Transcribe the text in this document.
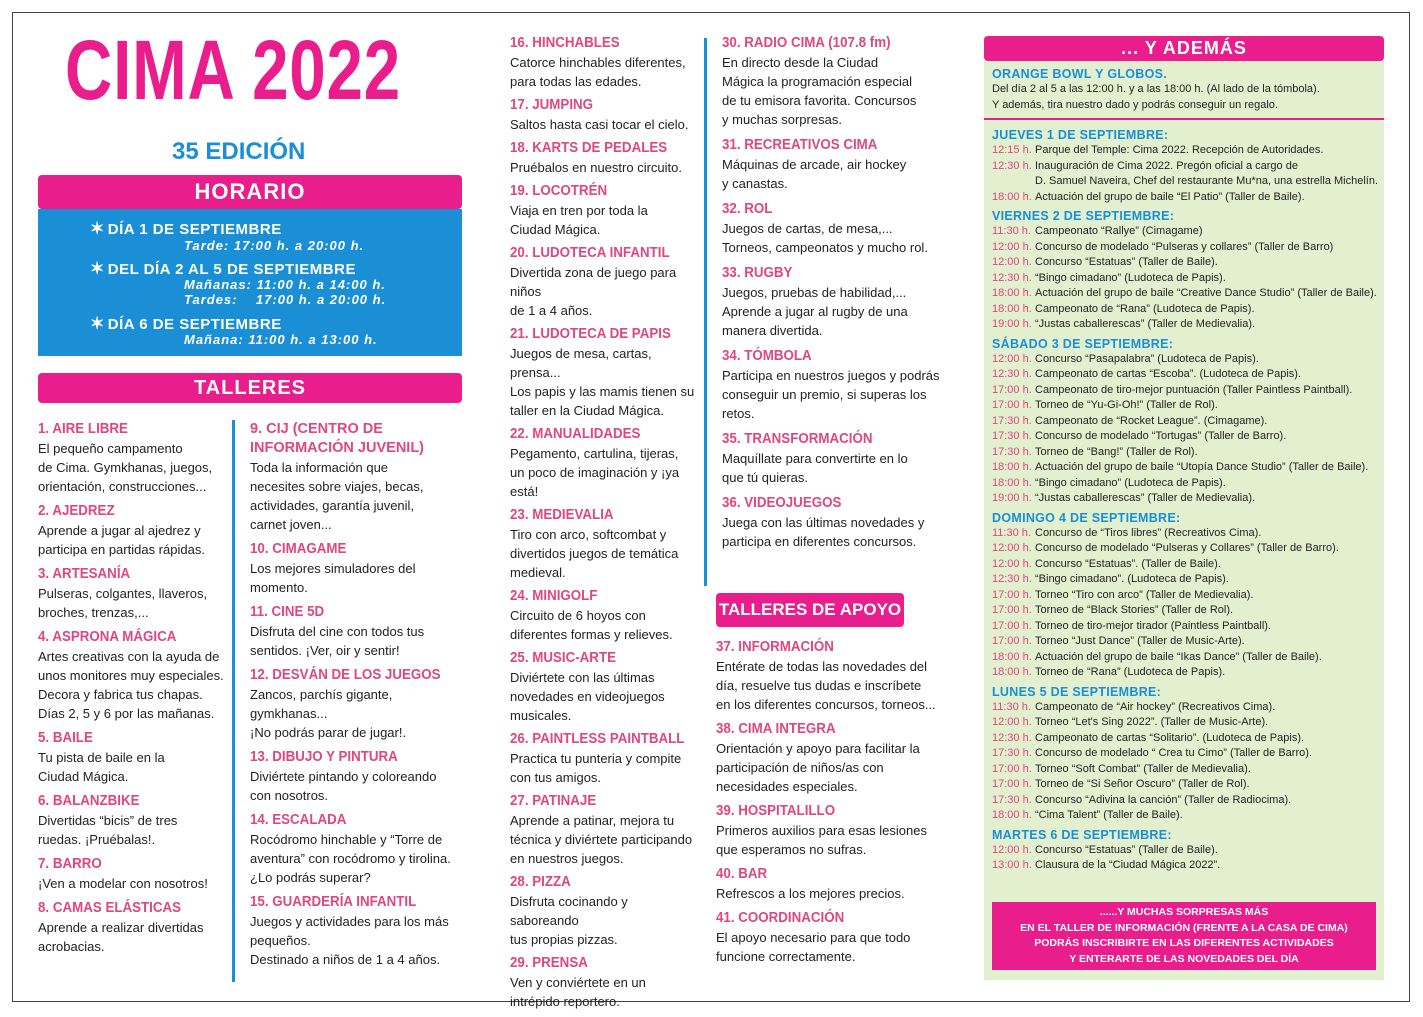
CIMA 2022
35 EDICIÓN
HORARIO
✶ DÍA 1 DE SEPTIEMBRE
Tarde: 17:00 h. a 20:00 h.
✶ DEL DÍA 2 AL 5 DE SEPTIEMBRE
Mañanas: 11:00 h. a 14:00 h.
Tardes:    17:00 h. a 20:00 h.
✶ DÍA 6 DE SEPTIEMBRE
Mañana: 11:00 h. a 13:00 h.
TALLERES
1. AIRE LIBRE
El pequeño campamento
de Cima. Gymkhanas, juegos,
orientación, construcciones...
2. AJEDREZ
Aprende a jugar al ajedrez y
participa en partidas rápidas.
3. ARTESANÍA
Pulseras, colgantes, llaveros,
broches, trenzas,...
4. ASPRONA MÁGICA
Artes creativas con la ayuda de
unos monitores muy especiales.
Decora y fabrica tus chapas.
Días 2, 5 y 6 por las mañanas.
5. BAILE
Tu pista de baile en la
Ciudad Mágica.
6. BALANZBIKE
Divertidas “bicis” de tres
ruedas. ¡Pruébalas!.
7. BARRO
¡Ven a modelar con nosotros!
8. CAMAS ELÁSTICAS
Aprende a realizar divertidas
acrobacias.
9. CIJ (CENTRO DE INFORMACIÓN JUVENIL)
Toda la información que
necesites sobre viajes, becas,
actividades, garantía juvenil,
carnet joven...
10. CIMAGAME
Los mejores simuladores del
momento.
11. CINE 5D
Disfruta del cine con todos tus
sentidos. ¡Ver, oir y sentir!
12. DESVÁN DE LOS JUEGOS
Zancos, parchís gigante, gymkhanas...
¡No podrás parar de jugar!.
13. DIBUJO Y PINTURA
Diviértete pintando y coloreando
con nosotros.
14. ESCALADA
Rocódromo hinchable y “Torre de
aventura” con rocódromo y tirolina.
¿Lo podrás superar?
15. GUARDERÍA INFANTIL
Juegos y actividades para los más
pequeños.
Destinado a niños de 1 a 4 años.
16. HINCHABLES
Catorce hinchables diferentes,
para todas las edades.
17. JUMPING
Saltos hasta casi tocar el cielo.
18. KARTS DE PEDALES
Pruébalos en nuestro circuito.
19. LOCOTRÉN
Viaja en tren por toda la
Ciudad Mágica.
20. LUDOTECA INFANTIL
Divertida zona de juego para niños
de 1 a 4 años.
21. LUDOTECA DE PAPIS
Juegos de mesa, cartas, prensa...
Los papis y las mamis tienen su
taller en la Ciudad Mágica.
22. MANUALIDADES
Pegamento, cartulina, tijeras,
un poco de imaginación y ¡ya está!
23. MEDIEVALIA
Tiro con arco, softcombat y
divertidos juegos de temática
medieval.
24. MINIGOLF
Circuito de 6 hoyos con
diferentes formas y relieves.
25. MUSIC-ARTE
Diviértete con las últimas
novedades en videojuegos
musicales.
26. PAINTLESS PAINTBALL
Practica tu punteria y compite
con tus amigos.
27. PATINAJE
Aprende a patinar, mejora tu
técnica y diviértete participando
en nuestros juegos.
28. PIZZA
Disfruta cocinando y saboreando
tus propias pizzas.
29. PRENSA
Ven y conviértete en un
intrépido reportero.
30. RADIO CIMA (107.8 fm)
En directo desde la Ciudad
Mágica la programación especial
de tu emisora favorita. Concursos
y muchas sorpresas.
31. RECREATIVOS CIMA
Máquinas de arcade, air hockey
y canastas.
32. ROL
Juegos de cartas, de mesa,...
Torneos, campeonatos y mucho rol.
33. RUGBY
Juegos, pruebas de habilidad,...
Aprende a jugar al rugby de una
manera divertida.
34. TÓMBOLA
Participa en nuestros juegos y podrás
conseguir un premio, si superas los retos.
35. TRANSFORMACIÓN
Maquíllate para convertirte en lo
que tú quieras.
36. VIDEOJUEGOS
Juega con las últimas novedades y
participa en diferentes concursos.
TALLERES DE APOYO
37. INFORMACIÓN
Entérate de todas las novedades del
día, resuelve tus dudas e inscríbete
en los diferentes concursos, torneos...
38. CIMA INTEGRA
Orientación y apoyo para facilitar la
participación de niños/as con
necesidades especiales.
39. HOSPITALILLO
Primeros auxilios para esas lesiones
que esperamos no sufras.
40. BAR
Refrescos a los mejores precios.
41. COORDINACIÓN
El apoyo necesario para que todo
funcione correctamente.
... Y ADEMÁS
ORANGE BOWL Y GLOBOS.
Del día 2 al 5 a las 12:00 h. y a las 18:00 h. (Al lado de la tómbola).
Y además, tira nuestro dado y podrás conseguir un regalo.
JUEVES 1 DE SEPTIEMBRE:
12:15 h. Parque del Temple: Cima 2022. Recepción de Autoridades.
12:30 h. Inauguración de Cima 2022. Pregón oficial a cargo de
D. Samuel Naveira, Chef del restaurante Mu*na, una estrella Michelín.
18:00 h. Actuación del grupo de baile “El Patio” (Taller de Baile).
VIERNES 2 DE SEPTIEMBRE:
11:30 h. Campeonato “Rallye” (Cimagame)
12:00 h. Concurso de modelado “Pulseras y collares” (Taller de Barro)
12:00 h. Concurso “Estatuas” (Taller de Baile).
12:30 h. “Bingo cimadano” (Ludoteca de Papis).
18:00 h. Actuación del grupo de baile “Creative Dance Studio” (Taller de Baile).
18:00 h. Campeonato de “Rana” (Ludoteca de Papis).
19:00 h. “Justas caballerescas” (Taller de Medievalia).
SÁBADO 3 DE SEPTIEMBRE:
12:00 h. Concurso “Pasapalabra” (Ludoteca de Papis).
12:30 h. Campeonato de cartas “Escoba”. (Ludoteca de Papis).
17:00 h. Campeonato de tiro-mejor puntuación (Taller Paintless Paintball).
17:00 h. Torneo de “Yu-Gi-Oh!” (Taller de Rol).
17:30 h. Campeonato de “Rocket League”. (Cimagame).
17:30 h. Concurso de modelado “Tortugas” (Taller de Barro).
17:30 h. Torneo de “Bang!” (Taller de Rol).
18:00 h. Actuación del grupo de baile “Utopía Dance Studio” (Taller de Baile).
18:00 h. “Bingo cimadano” (Ludoteca de Papis).
19:00 h. “Justas caballerescas” (Taller de Medievalia).
DOMINGO 4 DE SEPTIEMBRE:
11:30 h. Concurso de “Tiros libres” (Recreativos Cima).
12:00 h. Concurso de modelado “Pulseras y Collares” (Taller de Barro).
12:00 h. Concurso “Estatuas”. (Taller de Baile).
12:30 h. “Bingo cimadano”. (Ludoteca de Papis).
17:00 h. Torneo “Tiro con arco” (Taller de Medievalia).
17:00 h. Torneo de “Black Stories” (Taller de Rol).
17:00 h. Torneo de tiro-mejor tirador (Paintless Paintball).
17:00 h. Torneo “Just Dance” (Taller de Music-Arte).
18:00 h. Actuación del grupo de baile “Ikas Dance” (Taller de Baile).
18:00 h. Torneo de “Rana” (Ludoteca de Papis).
LUNES 5 DE SEPTIEMBRE:
11:30 h. Campeonato de “Air hockey” (Recreativos Cima).
12:00 h. Torneo “Let's Sing 2022”. (Taller de Music-Arte).
12:30 h. Campeonato de cartas “Solitario”. (Ludoteca de Papis).
17:30 h. Concurso de modelado “ Crea tu Cimo” (Taller de Barro).
17:00 h. Torneo “Soft Combat” (Taller de Medievalia).
17:00 h. Torneo de “Si Señor Oscuro” (Taller de Rol).
17:30 h. Concurso “Adivina la canción” (Taller de Radiocima).
18:00 h. “Cima Talent” (Taller de Baile).
MARTES 6 DE SEPTIEMBRE:
12:00 h. Concurso “Estatuas” (Taller de Baile).
13:00 h. Clausura de la “Ciudad Mágica 2022”.
......Y MUCHAS SORPRESAS MÁS
EN EL TALLER DE INFORMACIÓN (FRENTE A LA CASA DE CIMA)
PODRÁS INSCRIBIRTE EN LAS DIFERENTES ACTIVIDADES
Y ENTERARTE DE LAS NOVEDADES DEL DÍA
